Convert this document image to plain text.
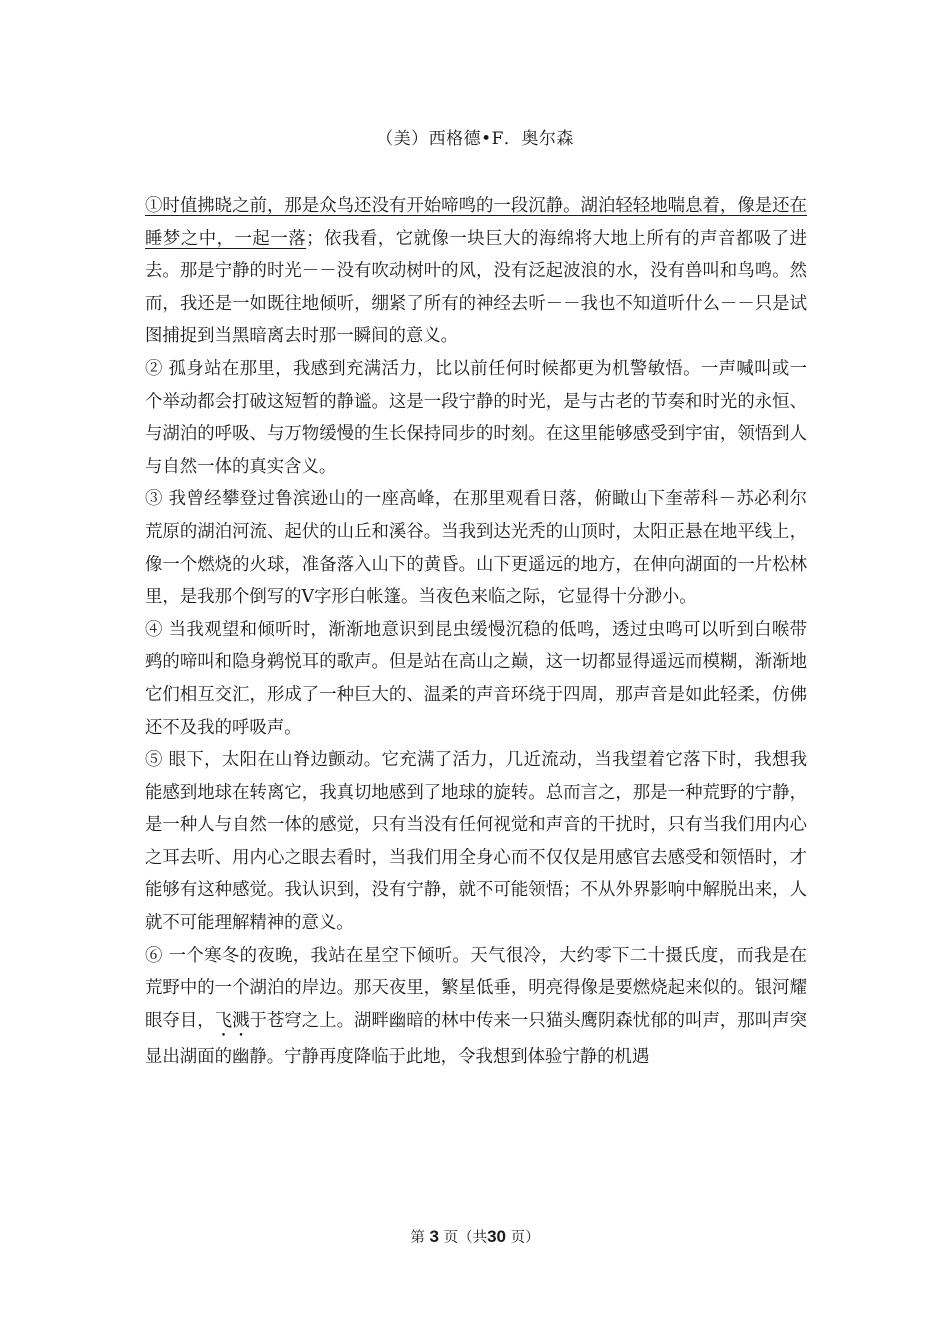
（美）西格德•F．奥尔森

①时值拂晓之前，那是众鸟还没有开始啼鸣的一段沉静。湖泊轻轻地喘息着，像是还在睡梦之中，一起一落；依我看，它就像一块巨大的海绵将大地上所有的声音都吸了进去。那是宁静的时光－－没有吹动树叶的风，没有泛起波浪的水，没有兽叫和鸟鸣。然而，我还是一如既往地倾听，绷紧了所有的神经去听－－我也不知道听什么－－只是试图捕捉到当黑暗离去时那一瞬间的意义。

② 孤身站在那里，我感到充满活力，比以前任何时候都更为机警敏悟。一声喊叫或一个举动都会打破这短暂的静谧。这是一段宁静的时光，是与古老的节奏和时光的永恒、与湖泊的呼吸、与万物缓慢的生长保持同步的时刻。在这里能够感受到宇宙，领悟到人与自然一体的真实含义。

③ 我曾经攀登过鲁滨逊山的一座高峰，在那里观看日落，俯瞰山下奎蒂科－苏必利尔荒原的湖泊河流、起伏的山丘和溪谷。当我到达光秃的山顶时，太阳正悬在地平线上，像一个燃烧的火球，准备落入山下的黄昏。山下更遥远的地方，在伸向湖面的一片松林里，是我那个倒写的Ⅴ字形白帐篷。当夜色来临之际，它显得十分渺小。

④ 当我观望和倾听时，渐渐地意识到昆虫缓慢沉稳的低鸣，透过虫鸣可以听到白喉带鹀的啼叫和隐身鹈悦耳的歌声。但是站在高山之巅，这一切都显得遥远而模糊，渐渐地它们相互交汇，形成了一种巨大的、温柔的声音环绕于四周，那声音是如此轻柔，仿佛还不及我的呼吸声。

⑤ 眼下，太阳在山脊边颤动。它充满了活力，几近流动，当我望着它落下时，我想我能感到地球在转离它，我真切地感到了地球的旋转。总而言之，那是一种荒野的宁静，是一种人与自然一体的感觉，只有当没有任何视觉和声音的干扰时，只有当我们用内心之耳去听、用内心之眼去看时，当我们用全身心而不仅仅是用感官去感受和领悟时，才能够有这种感觉。我认识到，没有宁静，就不可能领悟；不从外界影响中解脱出来，人就不可能理解精神的意义。

⑥ 一个寒冬的夜晚，我站在星空下倾听。天气很冷，大约零下二十摄氏度，而我是在荒野中的一个湖泊的岸边。那天夜里，繁星低垂，明亮得像是要燃烧起来似的。银河耀眼夺目，飞溅于苍穹之上。湖畔幽暗的林中传来一只猫头鹰阴森忧郁的叫声，那叫声突显出湖面的幽静。宁静再度降临于此地，令我想到体验宁静的机遇

第 3 页（共30 页）
